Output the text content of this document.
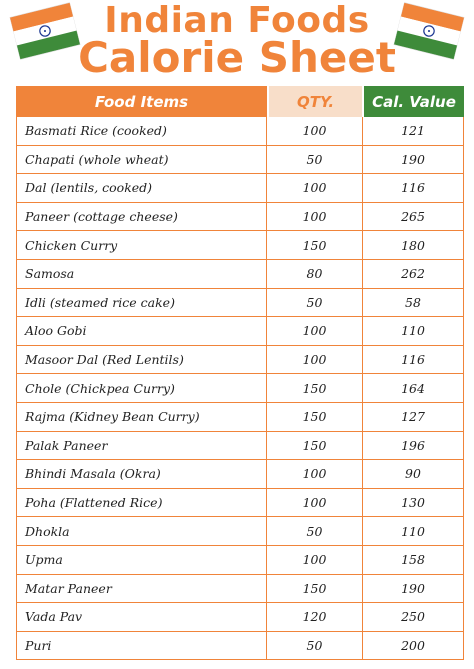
Indian Foods
Calorie Sheet
Food Items	QTY.	Cal. Value
Basmati Rice (cooked)	100	121
Chapati (whole wheat)	50	190
Dal (lentils, cooked)	100	116
Paneer (cottage cheese)	100	265
Chicken Curry	150	180
Samosa	80	262
Idli (steamed rice cake)	50	58
Aloo Gobi	100	110
Masoor Dal (Red Lentils)	100	116
Chole (Chickpea Curry)	150	164
Rajma (Kidney Bean Curry)	150	127
Palak Paneer	150	196
Bhindi Masala (Okra)	100	90
Poha (Flattened Rice)	100	130
Dhokla	50	110
Upma	100	158
Matar Paneer	150	190
Vada Pav	120	250
Puri	50	200
